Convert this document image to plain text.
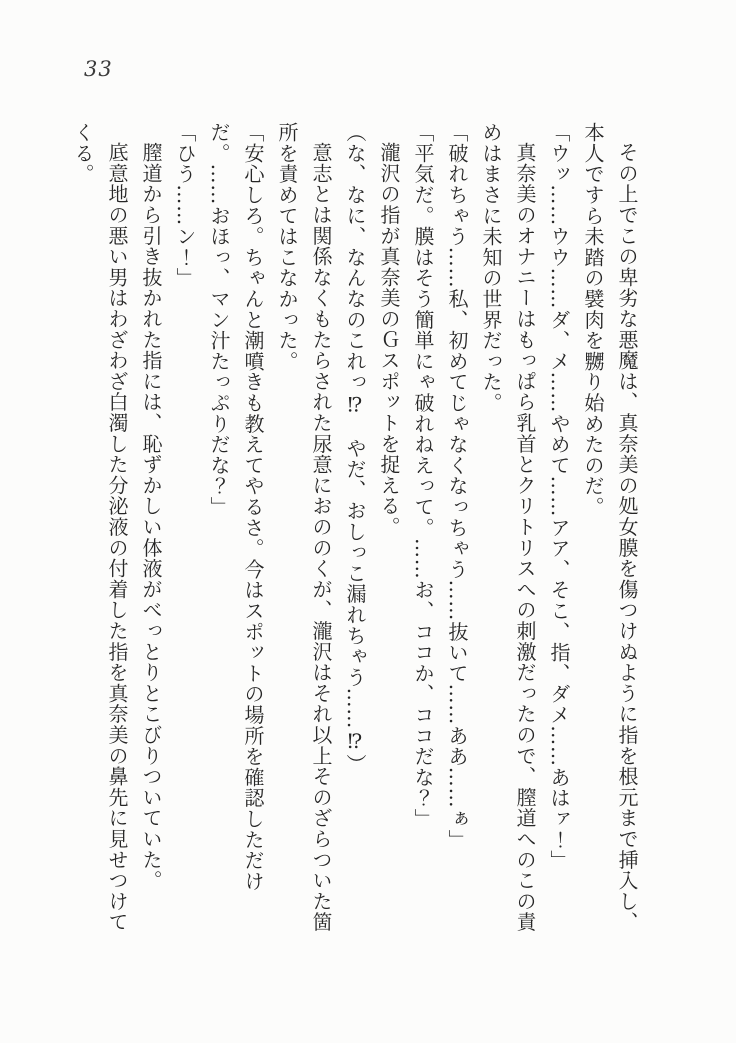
33

その上でこの卑劣な悪魔は、真奈美の処女膜を傷つけぬように指を根元まで挿入し、本人ですら未踏の襞肉を嬲り始めたのだ。

「ウッ……ウウ……ダ、メ……やめて……アア、そこ、指、ダメ……あはァ！」

真奈美のオナニーはもっぱら乳首とクリトリスへの刺激だったので、膣道へのこの責めはまさに未知の世界だった。

「破れちゃう……私、初めてじゃなくなっちゃう……抜いて……ああ……ぁ」

「平気だ。膜はそう簡単にゃ破れねえって。……お、ココか、ココだな？」

瀧沢の指が真奈美のＧスポットを捉える。

（な、なに、なんなのこれっ⁉　やだ、おしっこ漏れちゃう……⁉）

意志とは関係なくもたらされた尿意におののくが、瀧沢はそれ以上そのざらついた箇所を責めてはこなかった。

「安心しろ。ちゃんと潮噴きも教えてやるさ。今はスポットの場所を確認しただけだ。……おほっ、マン汁たっぷりだな？」

「ひう……ン！」

膣道から引き抜かれた指には、恥ずかしい体液がべっとりとこびりついていた。

底意地の悪い男はわざわざ白濁した分泌液の付着した指を真奈美の鼻先に見せつけてくる。
